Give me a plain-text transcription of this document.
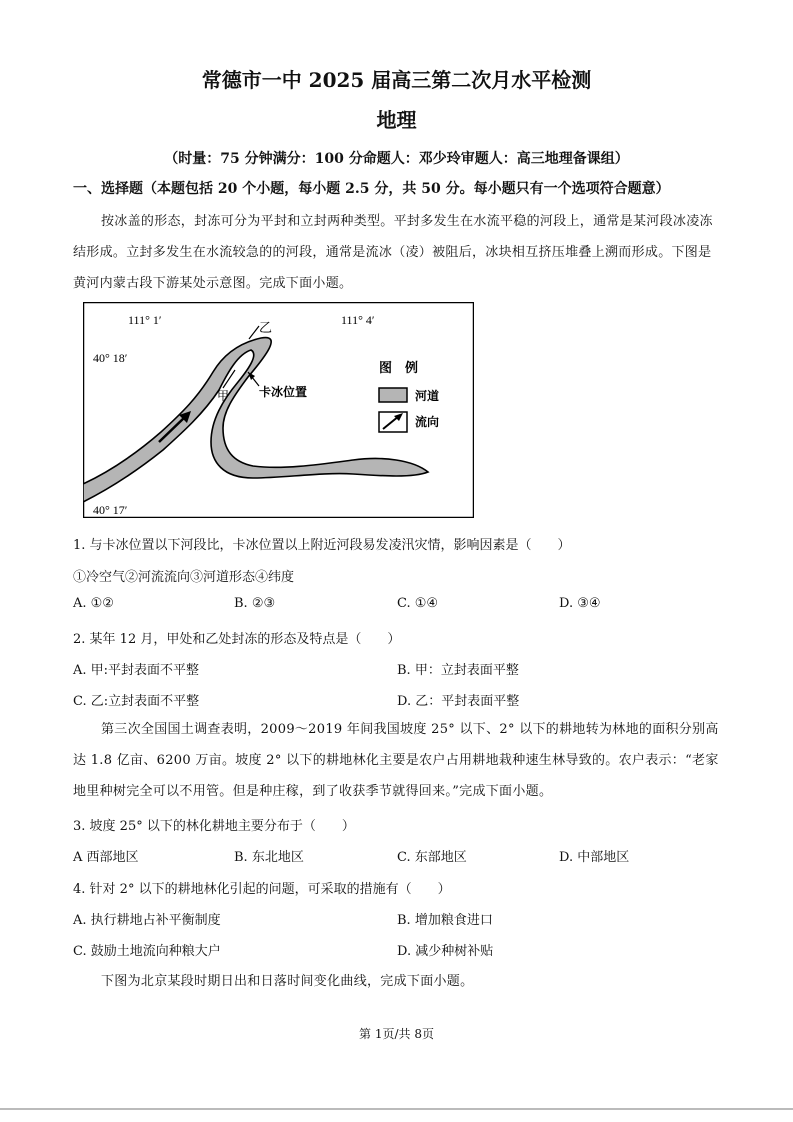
常德市一中 2025 届高三第二次月水平检测
地理
（时量：75 分钟满分：100 分命题人：邓少玲审题人：高三地理备课组）
一、选择题（本题包括 20 个小题，每小题 2.5 分，共 50 分。每小题只有一个选项符合题意）
按冰盖的形态，封冻可分为平封和立封两种类型。平封多发生在水流平稳的河段上，通常是某河段冰凌冻结形成。立封多发生在水流较急的的河段，通常是流冰（凌）被阻后，冰块相互挤压堆叠上溯而形成。下图是黄河内蒙古段下游某处示意图。完成下面小题。
111° 1′	111° 4′
40° 18′
40° 17′
乙
甲 卡冰位置
图　例
河道
流向
1. 与卡冰位置以下河段比，卡冰位置以上附近河段易发凌汛灾情，影响因素是（　　）
①冷空气②河流流向③河道形态④纬度
A. ①②	B. ②③	C. ①④	D. ③④
2. 某年 12 月，甲处和乙处封冻的形态及特点是（　　）
A. 甲:平封表面不平整	B. 甲：立封表面平整
C. 乙:立封表面不平整	D. 乙：平封表面平整
第三次全国国土调查表明，2009～2019 年间我国坡度 25° 以下、2° 以下的耕地转为林地的面积分别高达 1.8 亿亩、6200 万亩。坡度 2° 以下的耕地林化主要是农户占用耕地栽种速生林导致的。农户表示：“老家地里种树完全可以不用管。但是种庄稼，到了收获季节就得回来。”完成下面小题。
3. 坡度 25° 以下的林化耕地主要分布于（　　）
A 西部地区	B. 东北地区	C. 东部地区	D. 中部地区
4. 针对 2° 以下的耕地林化引起的问题，可采取的措施有（　　）
A. 执行耕地占补平衡制度	B. 增加粮食进口
C. 鼓励土地流向种粮大户	D. 减少种树补贴
下图为北京某段时期日出和日落时间变化曲线，完成下面小题。
第 1页/共 8页
